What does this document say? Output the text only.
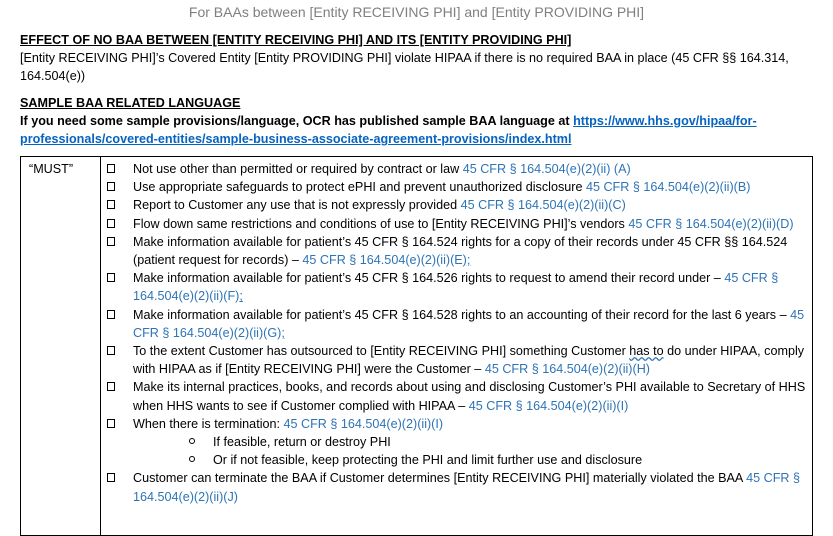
For BAAs between [Entity RECEIVING PHI] and [Entity PROVIDING PHI]
EFFECT OF NO BAA BETWEEN [ENTITY RECEIVING PHI] AND ITS [ENTITY PROVIDING PHI]
[Entity RECEIVING PHI]’s Covered Entity [Entity PROVIDING PHI] violate HIPAA if there is no required BAA in place (45 CFR §§ 164.314, 164.504(e))
SAMPLE BAA RELATED LANGUAGE
If you need some sample provisions/language, OCR has published sample BAA language at https://www.hhs.gov/hipaa/for-professionals/covered-entities/sample-business-associate-agreement-provisions/index.html
“MUST”	Not use other than permitted or required by contract or law 45 CFR § 164.504(e)(2)(ii) (A)
Use appropriate safeguards to protect ePHI and prevent unauthorized disclosure 45 CFR § 164.504(e)(2)(ii)(B)
Report to Customer any use that is not expressly provided 45 CFR § 164.504(e)(2)(ii)(C)
Flow down same restrictions and conditions of use to [Entity RECEIVING PHI]’s vendors 45 CFR § 164.504(e)(2)(ii)(D)
Make information available for patient’s 45 CFR § 164.524 rights for a copy of their records under 45 CFR §§ 164.524 (patient request for records) – 45 CFR § 164.504(e)(2)(ii)(E);
Make information available for patient’s 45 CFR § 164.526 rights to request to amend their record under – 45 CFR § 164.504(e)(2)(ii)(F);
Make information available for patient’s 45 CFR § 164.528 rights to an accounting of their record for the last 6 years – 45 CFR § 164.504(e)(2)(ii)(G);
To the extent Customer has outsourced to [Entity RECEIVING PHI] something Customer has to do under HIPAA, comply with HIPAA as if [Entity RECEIVING PHI] were the Customer – 45 CFR § 164.504(e)(2)(ii)(H)
Make its internal practices, books, and records about using and disclosing Customer’s PHI available to Secretary of HHS when HHS wants to see if Customer complied with HIPAA – 45 CFR § 164.504(e)(2)(ii)(I)
When there is termination: 45 CFR § 164.504(e)(2)(ii)(I)
If feasible, return or destroy PHI
Or if not feasible, keep protecting the PHI and limit further use and disclosure
Customer can terminate the BAA if Customer determines [Entity RECEIVING PHI] materially violated the BAA 45 CFR § 164.504(e)(2)(ii)(J)
